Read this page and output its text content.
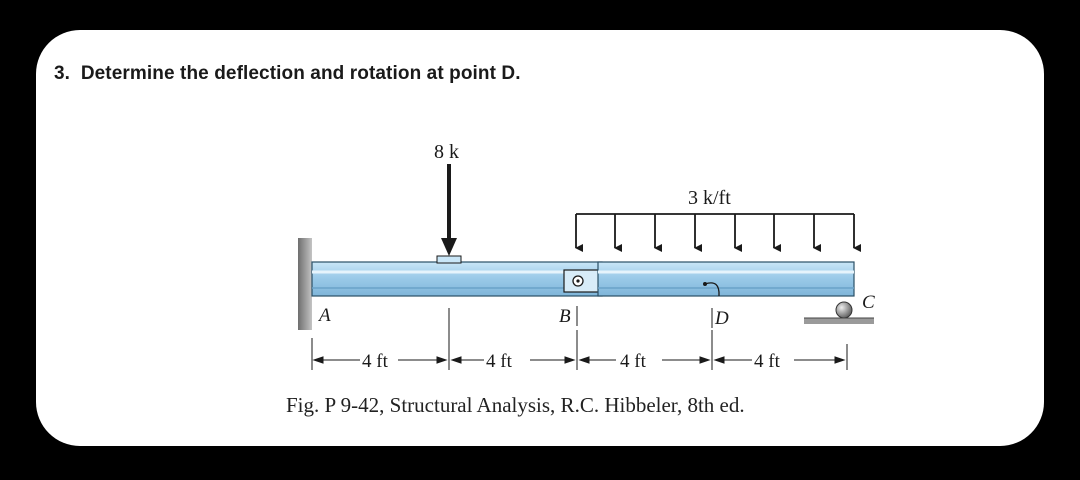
3. Determine the deflection and rotation at point D.

8 k
3 k/ft
A	B	D
C
4 ft	4 ft	4 ft	4 ft

Fig. P 9-42, Structural Analysis, R.C. Hibbeler, 8th ed.
